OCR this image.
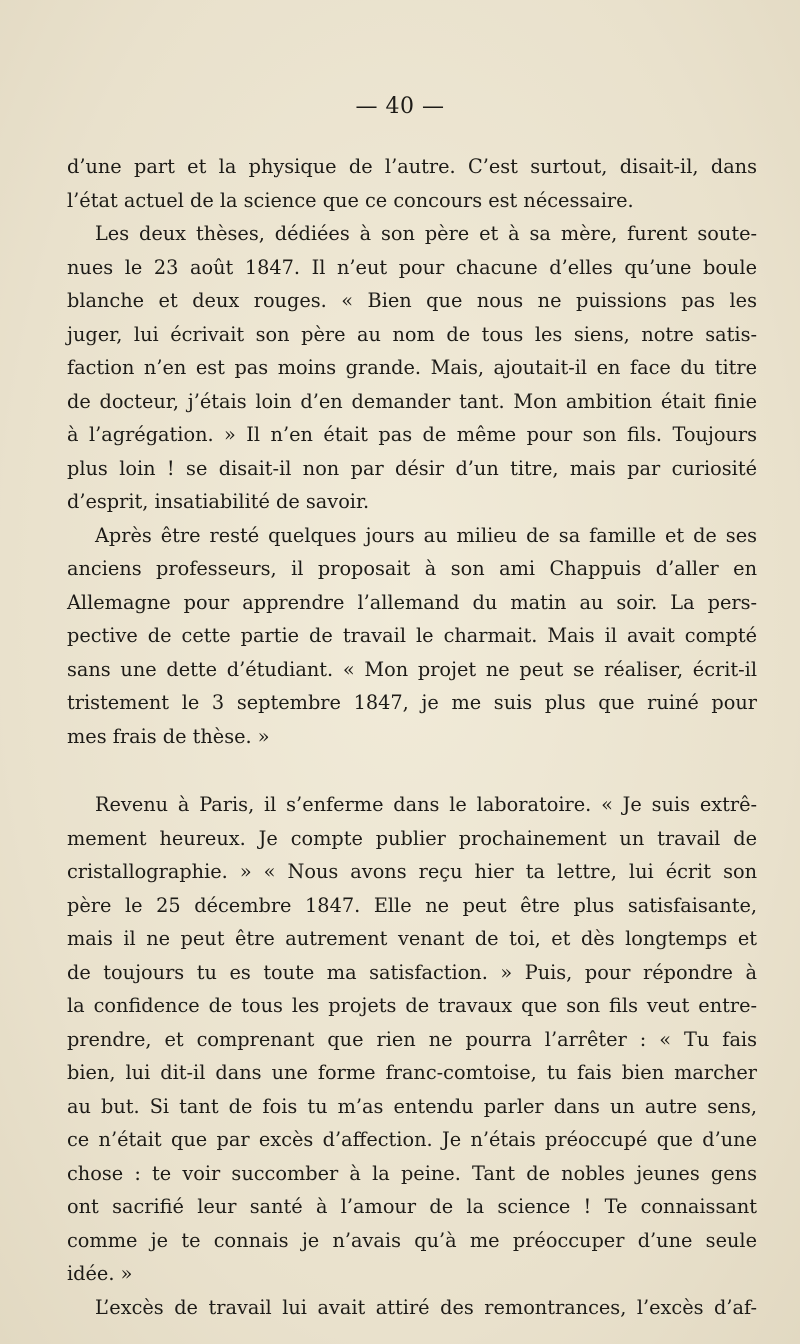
— 40 —
d’une part et la physique de l’autre. C’est surtout, disait-il, dans
l’état actuel de la science que ce concours est nécessaire.
Les deux thèses, dédiées à son père et à sa mère, furent soute-
nues le 23 août 1847. Il n’eut pour chacune d’elles qu’une boule
blanche et deux rouges. « Bien que nous ne puissions pas les
juger, lui écrivait son père au nom de tous les siens, notre satis-
faction n’en est pas moins grande. Mais, ajoutait-il en face du titre
de docteur, j’étais loin d’en demander tant. Mon ambition était finie
à l’agrégation. » Il n’en était pas de même pour son fils. Toujours
plus loin ! se disait-il non par désir d’un titre, mais par curiosité
d’esprit, insatiabilité de savoir.
Après être resté quelques jours au milieu de sa famille et de ses
anciens professeurs, il proposait à son ami Chappuis d’aller en
Allemagne pour apprendre l’allemand du matin au soir. La pers-
pective de cette partie de travail le charmait. Mais il avait compté
sans une dette d’étudiant. « Mon projet ne peut se réaliser, écrit-il
tristement le 3 septembre 1847, je me suis plus que ruiné pour
mes frais de thèse. »
Revenu à Paris, il s’enferme dans le laboratoire. « Je suis extrê-
mement heureux. Je compte publier prochainement un travail de
cristallographie. » « Nous avons reçu hier ta lettre, lui écrit son
père le 25 décembre 1847. Elle ne peut être plus satisfaisante,
mais il ne peut être autrement venant de toi, et dès longtemps et
de toujours tu es toute ma satisfaction. » Puis, pour répondre à
la confidence de tous les projets de travaux que son fils veut entre-
prendre, et comprenant que rien ne pourra l’arrêter : « Tu fais
bien, lui dit-il dans une forme franc-comtoise, tu fais bien marcher
au but. Si tant de fois tu m’as entendu parler dans un autre sens,
ce n’était que par excès d’affection. Je n’étais préoccupé que d’une
chose : te voir succomber à la peine. Tant de nobles jeunes gens
ont sacrifié leur santé à l’amour de la science ! Te connaissant
comme je te connais je n’avais qu’à me préoccuper d’une seule
idée. »
L’excès de travail lui avait attiré des remontrances, l’excès d’af-
